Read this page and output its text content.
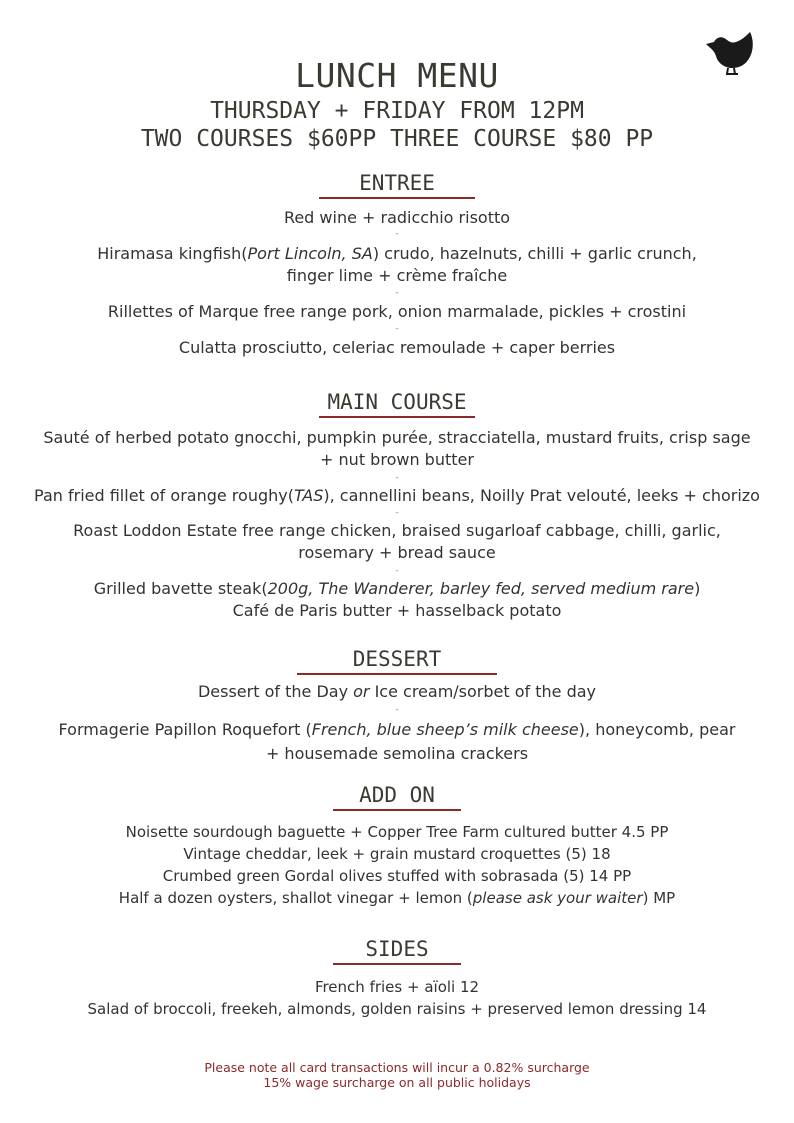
LUNCH MENU
THURSDAY + FRIDAY FROM 12PM
TWO COURSES $60PP THREE COURSE $80 PP
ENTREE
Red wine + radicchio risotto
-
Hiramasa kingfish(Port Lincoln, SA) crudo, hazelnuts, chilli + garlic crunch,
finger lime + crème fraîche
-
Rillettes of Marque free range pork, onion marmalade, pickles + crostini
-
Culatta prosciutto, celeriac remoulade + caper berries
MAIN COURSE
Sauté of herbed potato gnocchi, pumpkin purée, stracciatella, mustard fruits, crisp sage
+ nut brown butter
-
Pan fried fillet of orange roughy(TAS), cannellini beans, Noilly Prat velouté, leeks + chorizo
-
Roast Loddon Estate free range chicken, braised sugarloaf cabbage, chilli, garlic,
rosemary + bread sauce
-
Grilled bavette steak(200g, The Wanderer, barley fed, served medium rare)
Café de Paris butter + hasselback potato
DESSERT
Dessert of the Day or Ice cream/sorbet of the day
-
Formagerie Papillon Roquefort (French, blue sheep’s milk cheese), honeycomb, pear
+ housemade semolina crackers
ADD ON
Noisette sourdough baguette + Copper Tree Farm cultured butter 4.5 PP
Vintage cheddar, leek + grain mustard croquettes (5) 18
Crumbed green Gordal olives stuffed with sobrasada (5) 14 PP
Half a dozen oysters, shallot vinegar + lemon (please ask your waiter) MP
SIDES
French fries + aïoli 12
Salad of broccoli, freekeh, almonds, golden raisins + preserved lemon dressing 14
Please note all card transactions will incur a 0.82% surcharge
15% wage surcharge on all public holidays
